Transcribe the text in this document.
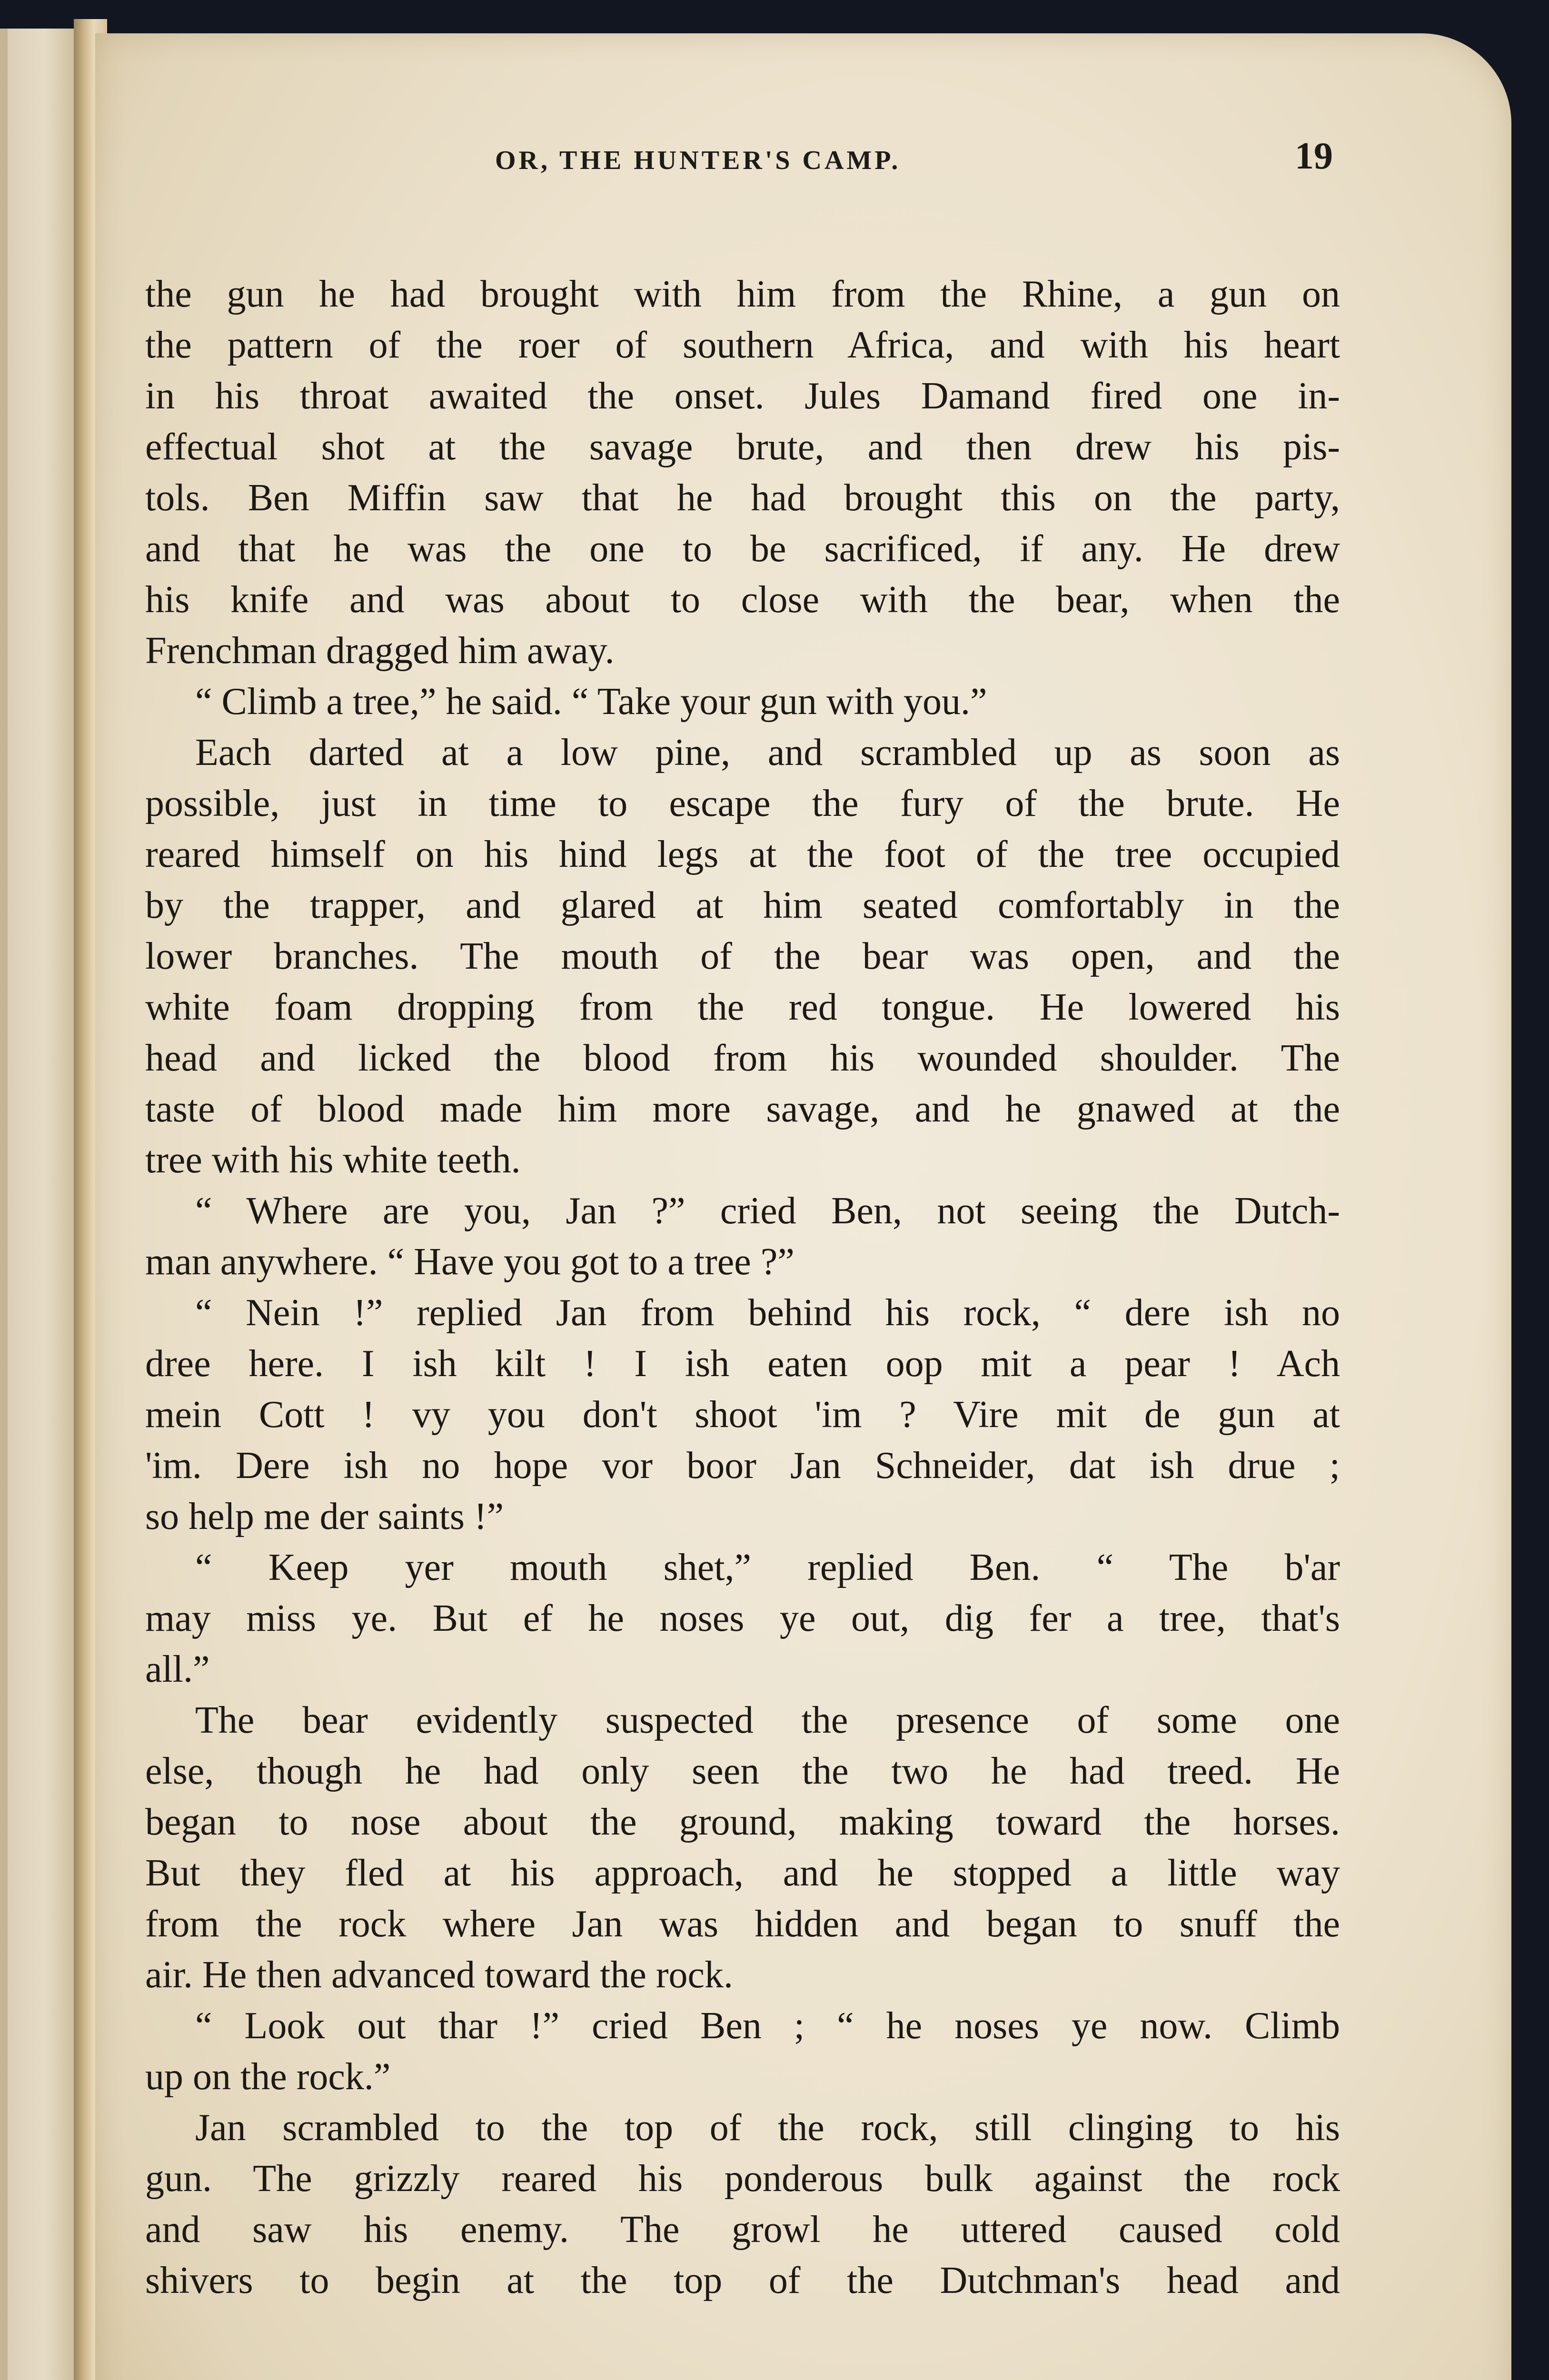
OR, THE HUNTER'S CAMP.	19
the gun he had brought with him from the Rhine, a gun on
the pattern of the roer of southern Africa, and with his heart
in his throat awaited the onset. Jules Damand fired one in-
effectual shot at the savage brute, and then drew his pis-
tols. Ben Miffin saw that he had brought this on the party,
and that he was the one to be sacrificed, if any. He drew
his knife and was about to close with the bear, when the
Frenchman dragged him away.
“ Climb a tree,” he said. “ Take your gun with you.”
Each darted at a low pine, and scrambled up as soon as
possible, just in time to escape the fury of the brute. He
reared himself on his hind legs at the foot of the tree occupied
by the trapper, and glared at him seated comfortably in the
lower branches. The mouth of the bear was open, and the
white foam dropping from the red tongue. He lowered his
head and licked the blood from his wounded shoulder. The
taste of blood made him more savage, and he gnawed at the
tree with his white teeth.
“ Where are you, Jan ?” cried Ben, not seeing the Dutch-
man anywhere. “ Have you got to a tree ?”
“ Nein !” replied Jan from behind his rock, “ dere ish no
dree here. I ish kilt ! I ish eaten oop mit a pear ! Ach
mein Cott ! vy you don't shoot 'im ? Vire mit de gun at
'im. Dere ish no hope vor boor Jan Schneider, dat ish drue ;
so help me der saints !”
“ Keep yer mouth shet,” replied Ben. “ The b'ar
may miss ye. But ef he noses ye out, dig fer a tree, that's
all.”
The bear evidently suspected the presence of some one
else, though he had only seen the two he had treed. He
began to nose about the ground, making toward the horses.
But they fled at his approach, and he stopped a little way
from the rock where Jan was hidden and began to snuff the
air. He then advanced toward the rock.
“ Look out thar !” cried Ben ; “ he noses ye now. Climb
up on the rock.”
Jan scrambled to the top of the rock, still clinging to his
gun. The grizzly reared his ponderous bulk against the rock
and saw his enemy. The growl he uttered caused cold
shivers to begin at the top of the Dutchman's head and
